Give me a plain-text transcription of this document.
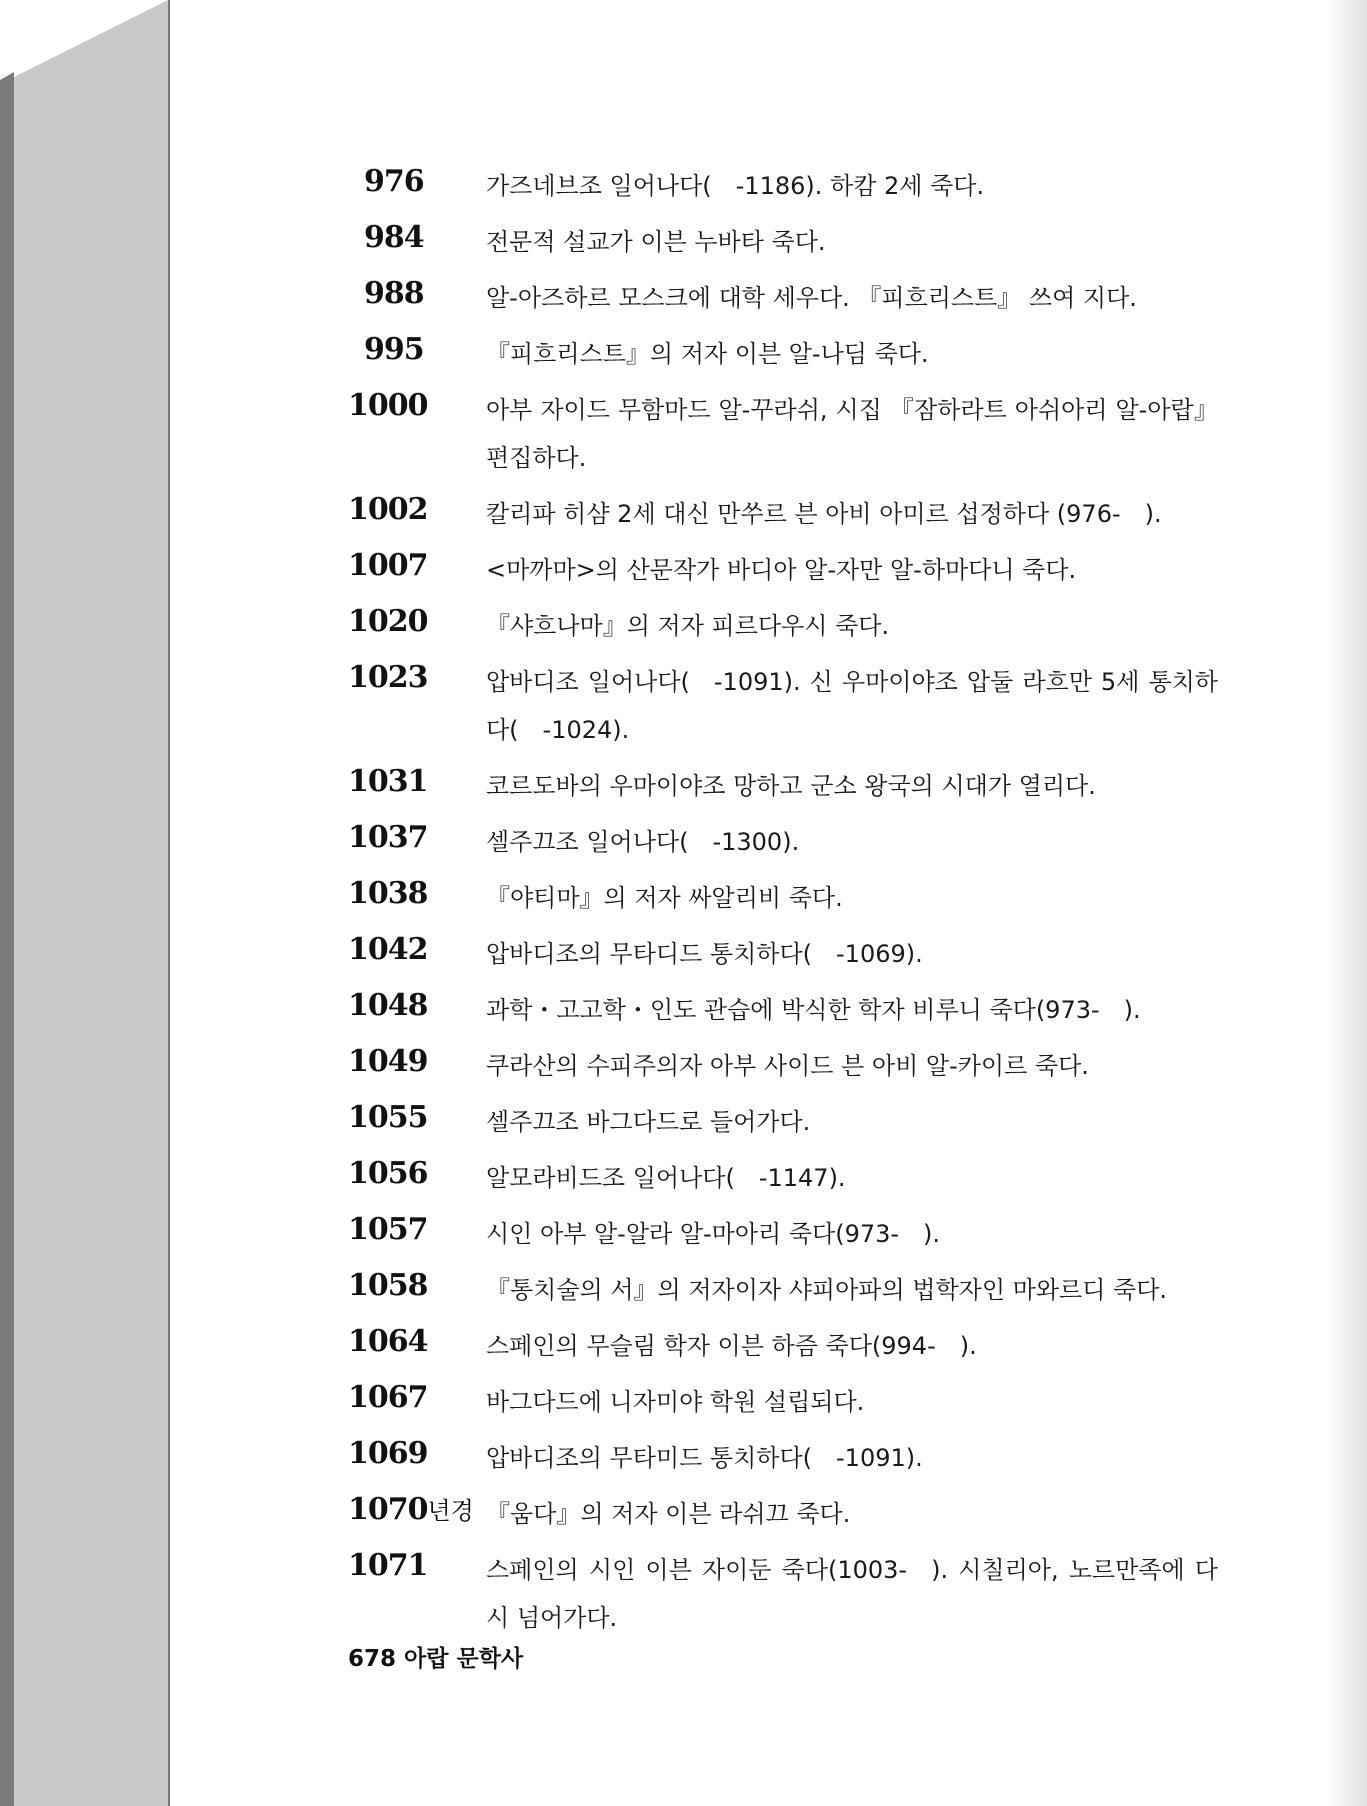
976	가즈네브조 일어나다( -1186). 하캄 2세 죽다.
984	전문적 설교가 이븐 누바타 죽다.
988	알-아즈하르 모스크에 대학 세우다. 『피흐리스트』 쓰여 지다.
995	『피흐리스트』의 저자 이븐 알-나딤 죽다.
1000	아부 자이드 무함마드 알-꾸라쉬, 시집 『잠하라트 아쉬아리 알-아랍』 편집하다.
1002	칼리파 히샴 2세 대신 만쑤르 븐 아비 아미르 섭정하다 (976- ).
1007	<마까마>의 산문작가 바디아 알-자만 알-하마다니 죽다.
1020	『샤흐나마』의 저자 피르다우시 죽다.
1023	압바디조 일어나다( -1091). 신 우마이야조 압둘 라흐만 5세 통치하다( -1024).
1031	코르도바의 우마이야조 망하고 군소 왕국의 시대가 열리다.
1037	셀주끄조 일어나다( -1300).
1038	『야티마』의 저자 싸알리비 죽다.
1042	압바디조의 무타디드 통치하다( -1069).
1048	과학・고고학・인도 관습에 박식한 학자 비루니 죽다(973- ).
1049	쿠라산의 수피주의자 아부 사이드 븐 아비 알-카이르 죽다.
1055	셀주끄조 바그다드로 들어가다.
1056	알모라비드조 일어나다( -1147).
1057	시인 아부 알-알라 알-마아리 죽다(973- ).
1058	『통치술의 서』의 저자이자 샤피아파의 법학자인 마와르디 죽다.
1064	스페인의 무슬림 학자 이븐 하즘 죽다(994- ).
1067	바그다드에 니자미야 학원 설립되다.
1069	압바디조의 무타미드 통치하다( -1091).
1070년경 『움다』의 저자 이븐 라쉬끄 죽다.
1071	스페인의 시인 이븐 자이둔 죽다(1003- ). 시칠리아, 노르만족에 다시 넘어가다.
678 아랍 문학사
